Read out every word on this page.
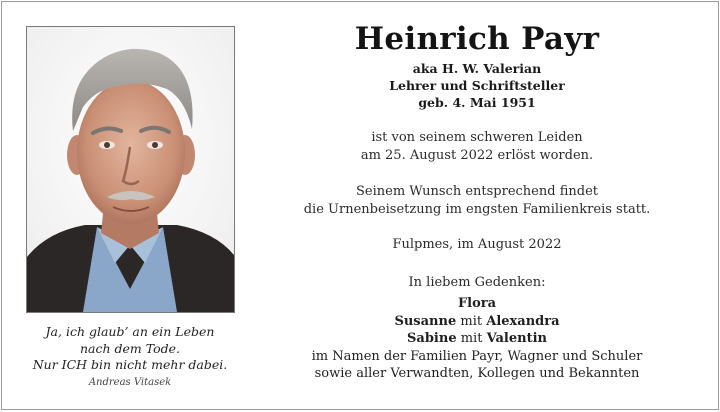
Ja, ich glaub’ an ein Leben
nach dem Tode.
Nur ICH bin nicht mehr dabei.
Andreas Vitasek
Heinrich Payr
aka H. W. Valerian
Lehrer und Schriftsteller
geb. 4. Mai 1951
ist von seinem schweren Leiden
am 25. August 2022 erlöst worden.
Seinem Wunsch entsprechend findet
die Urnenbeisetzung im engsten Familienkreis statt.
Fulpmes, im August 2022
In liebem Gedenken:
Flora
Susanne mit Alexandra
Sabine mit Valentin
im Namen der Familien Payr, Wagner und Schuler
sowie aller Verwandten, Kollegen und Bekannten
